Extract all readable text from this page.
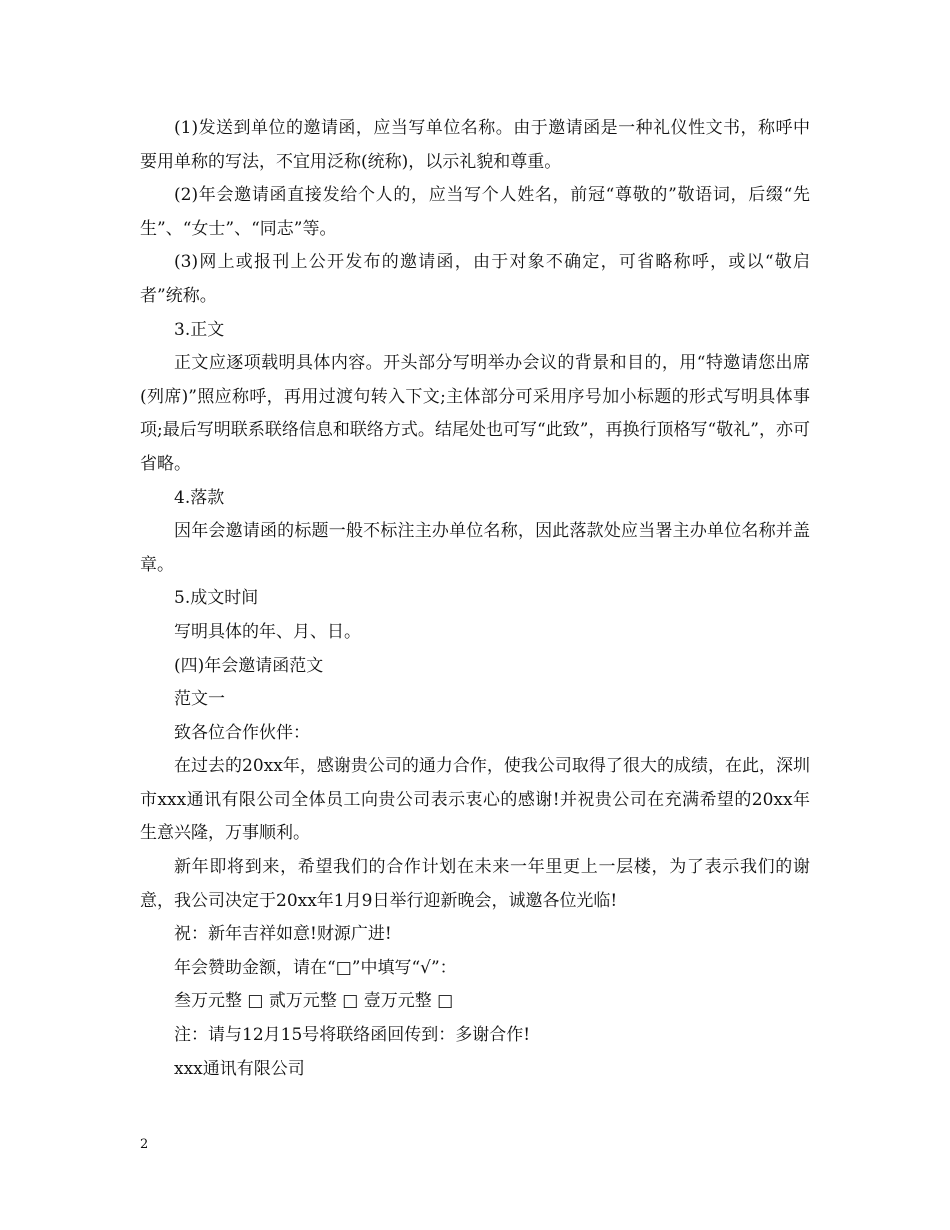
(1)发送到单位的邀请函，应当写单位名称。由于邀请函是一种礼仪性文书，称呼中要用单称的写法，不宜用泛称(统称)，以示礼貌和尊重。

(2)年会邀请函直接发给个人的，应当写个人姓名，前冠“尊敬的”敬语词，后缀“先生”、“女士”、“同志”等。

(3)网上或报刊上公开发布的邀请函，由于对象不确定，可省略称呼，或以“敬启者”统称。

3.正文

正文应逐项载明具体内容。开头部分写明举办会议的背景和目的，用“特邀请您出席(列席)”照应称呼，再用过渡句转入下文;主体部分可采用序号加小标题的形式写明具体事项;最后写明联系联络信息和联络方式。结尾处也可写“此致”，再换行顶格写“敬礼”，亦可省略。

4.落款

因年会邀请函的标题一般不标注主办单位名称，因此落款处应当署主办单位名称并盖章。

5.成文时间

写明具体的年、月、日。

(四)年会邀请函范文

范文一

致各位合作伙伴：

在过去的20xx年，感谢贵公司的通力合作，使我公司取得了很大的成绩，在此，深圳市xxx通讯有限公司全体员工向贵公司表示衷心的感谢!并祝贵公司在充满希望的20xx年生意兴隆，万事顺利。

新年即将到来，希望我们的合作计划在未来一年里更上一层楼，为了表示我们的谢意，我公司决定于20xx年1月9日举行迎新晚会，诚邀各位光临!

祝：新年吉祥如意!财源广进!

年会赞助金额，请在“□”中填写“√”：

叁万元整 □ 贰万元整 □ 壹万元整 □

注：请与12月15号将联络函回传到：多谢合作!

xxx通讯有限公司

2
